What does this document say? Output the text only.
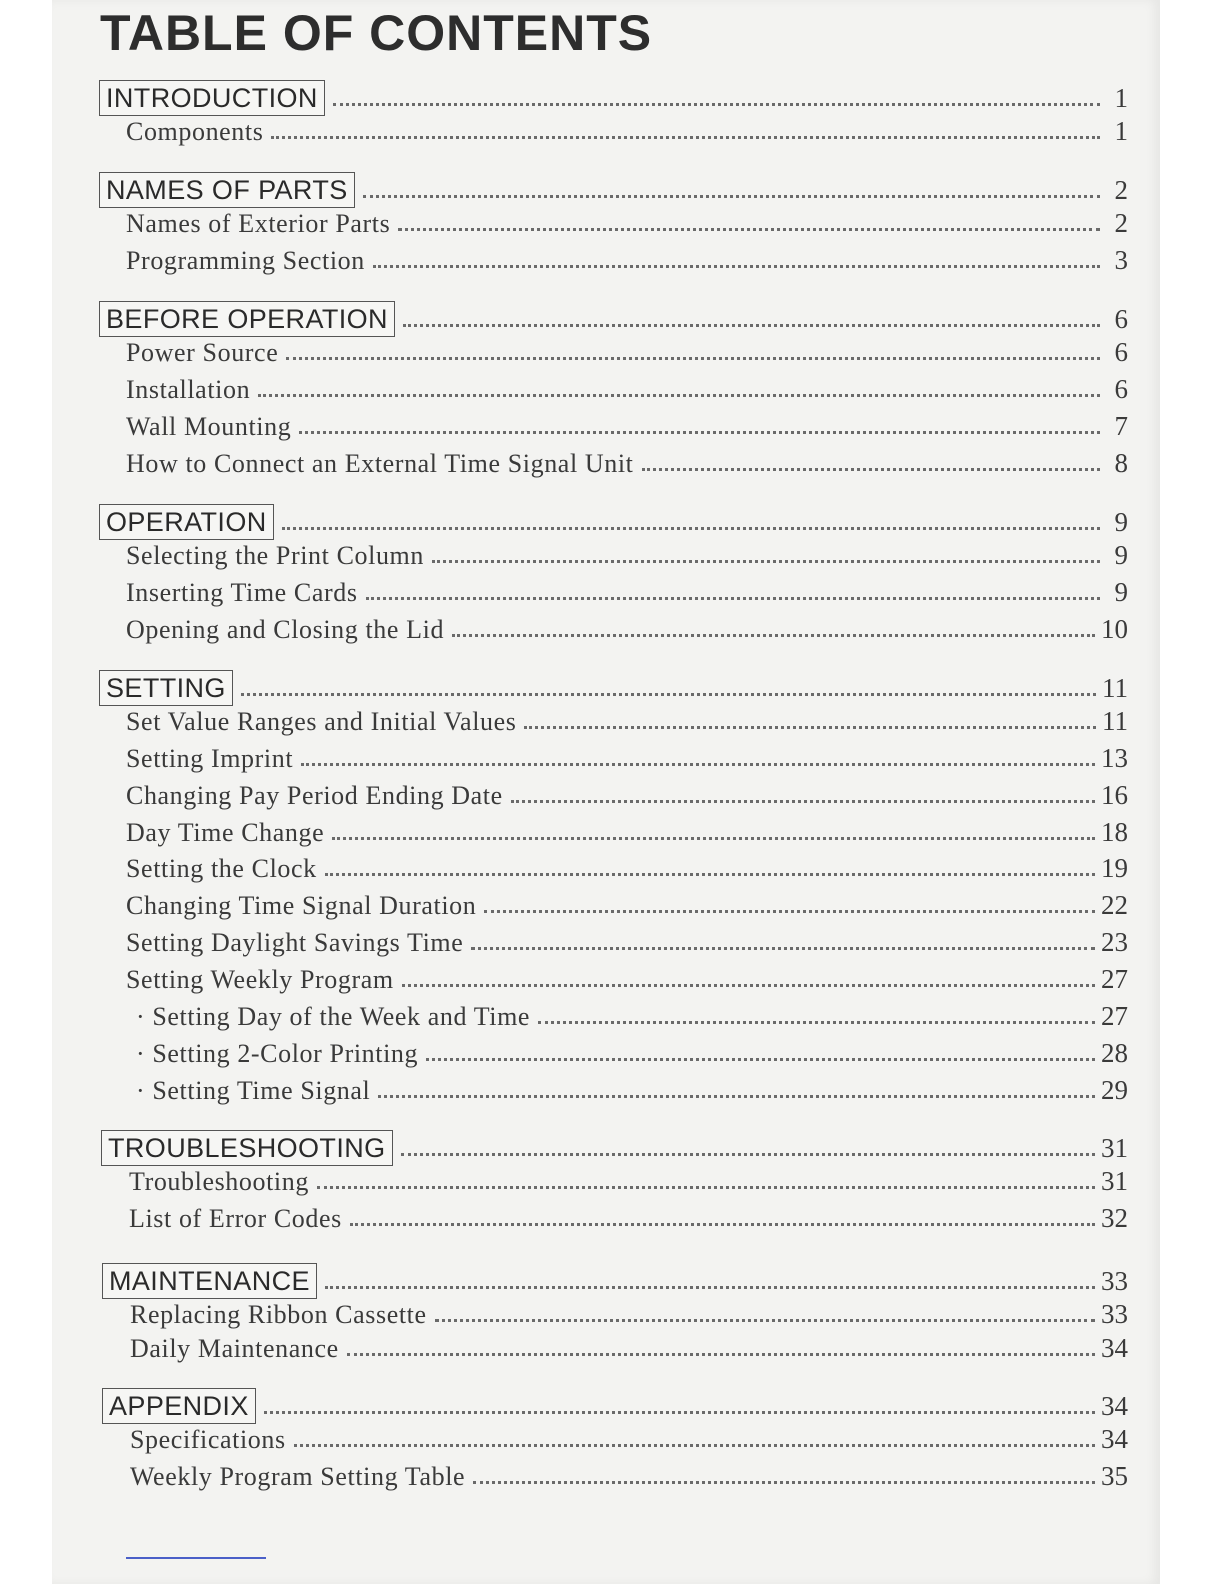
TABLE OF CONTENTS
INTRODUCTION	1
Components	1
NAMES OF PARTS	2
Names of Exterior Parts	2
Programming Section	3
BEFORE OPERATION	6
Power Source	6
Installation	6
Wall Mounting	7
How to Connect an External Time Signal Unit	8
OPERATION	9
Selecting the Print Column	9
Inserting Time Cards	9
Opening and Closing the Lid	10
SETTING	11
Set Value Ranges and Initial Values	11
Setting Imprint	13
Changing Pay Period Ending Date	16
Day Time Change	18
Setting the Clock	19
Changing Time Signal Duration	22
Setting Daylight Savings Time	23
Setting Weekly Program	27
· Setting Day of the Week and Time	27
· Setting 2-Color Printing	28
· Setting Time Signal	29
TROUBLESHOOTING	31
Troubleshooting	31
List of Error Codes	32
MAINTENANCE	33
Replacing Ribbon Cassette	33
Daily Maintenance	34
APPENDIX	34
Specifications	34
Weekly Program Setting Table	35
